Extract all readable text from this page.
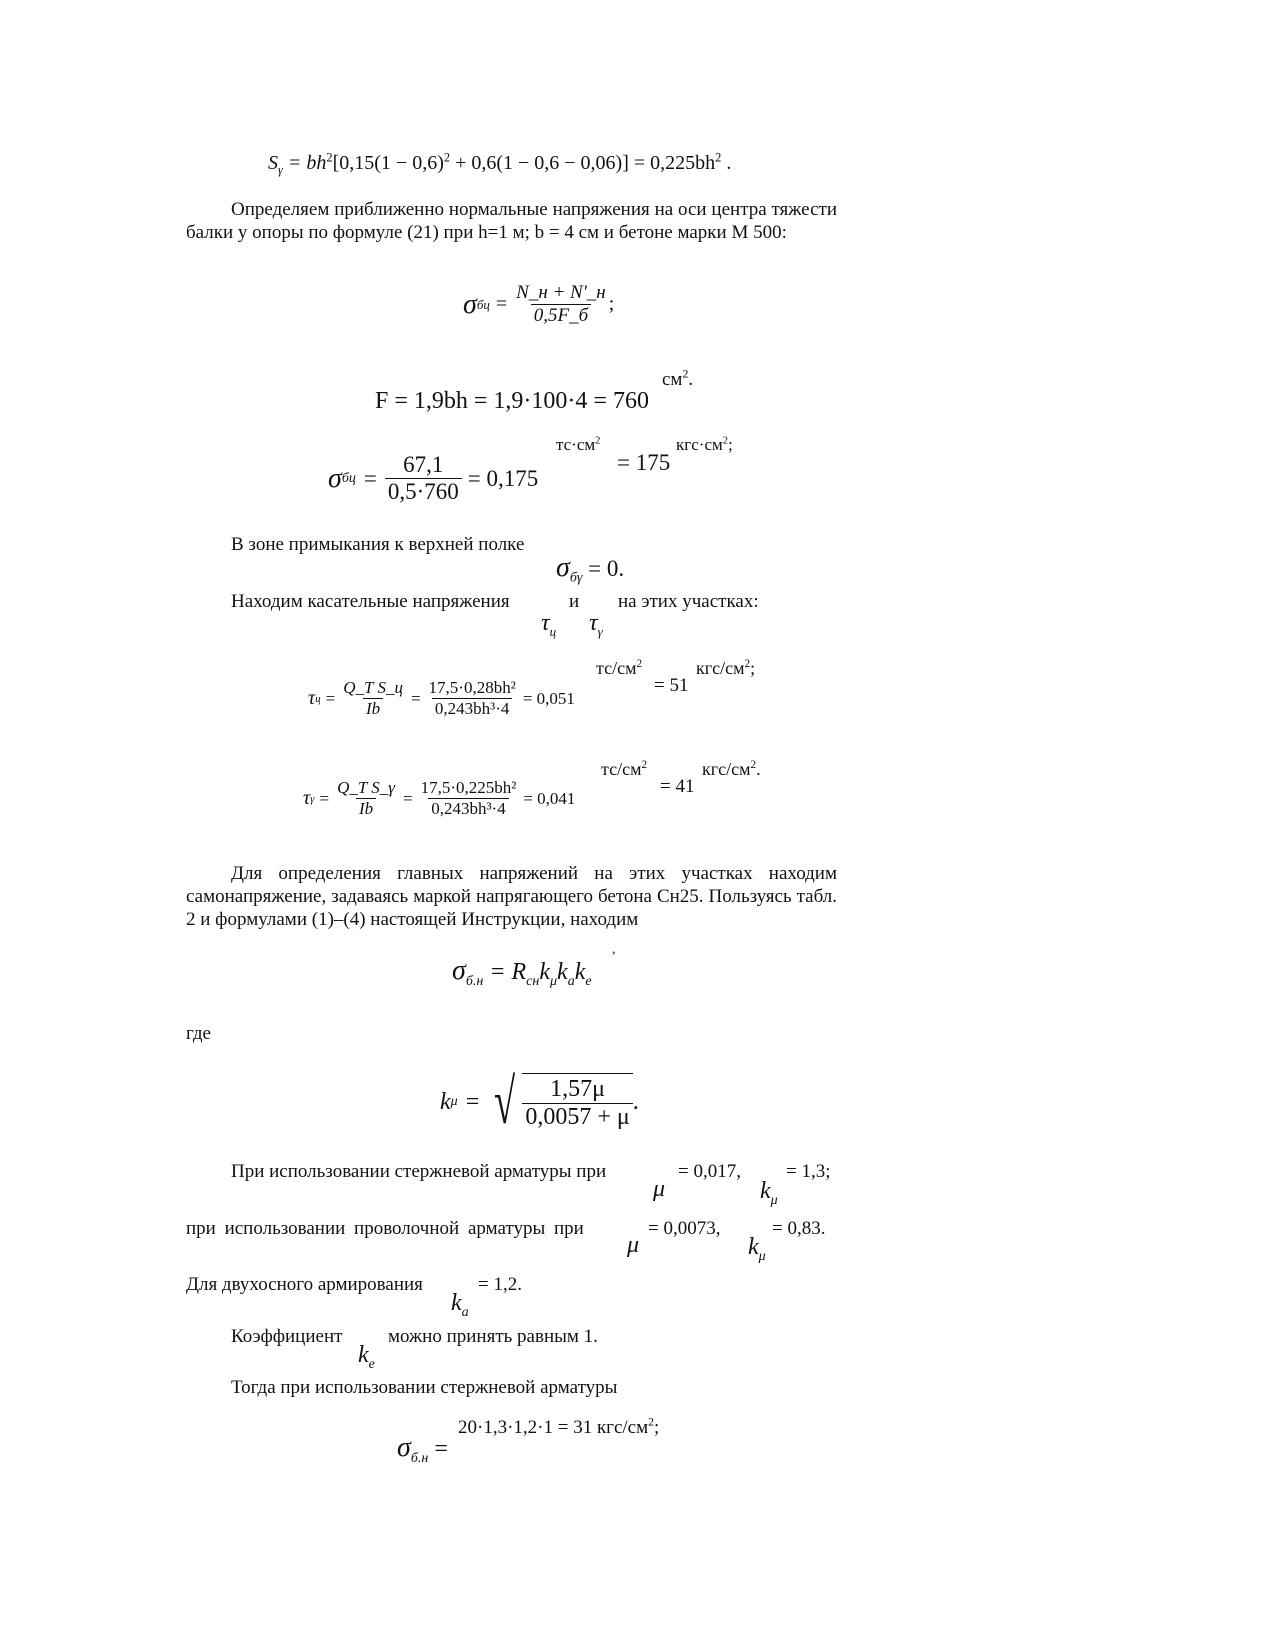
$S_\gamma = bh^2[0,15(1 - 0,6)^2 + 0,6(1 - 0,6 - 0,06)] = 0,225bh^2$ .
Определяем приближенно нормальные напряжения на оси центра тяжести балки у опоры по формуле (21) при h=1 м; b = 4 см и бетоне марки М 500:
σ бц = $\frac{N\_н + N'\_н}{0,5F\_б}$ ;
F = 1,9bh = 1,9·100·4 = 760
$см^2$.
σ бц = $\frac{67,1}{0,5\cdot 760} = 0,175$
$тс\cdot см^2$
= 175
$кгс\cdot см^2$;
В зоне примыкания к верхней полке
$\sigma_{б\gamma} = 0$.
Находим касательные напряжения	и на этих участках:
$\tau_ц$ $\tau_\gamma$
τ $ц = \frac{\text{Q\_T S\_ц}}{Ib} = \frac{\text{17,5·0,28bh²}}{\text{0,243bh³·4}} = 0,051$
$тс/см^2$
= 51
кгс/$см^2$;
τ $\gamma = \frac{\text{Q\_T S\_γ}}{Ib} = \frac{\text{17,5·0,225bh²}}{\text{0,243bh³·4}} = 0,041$
$тс/см^2$
= 41
кгс/$см^2$.
Для определения главных напряжений на этих участках находим самонапряжение, задаваясь маркой напрягающего бетона Сн25. Пользуясь табл. 2 и формулами (1)–(4) настоящей Инструкции, находим
$\sigma_{б.н} = R_{сн}k_\mu k_ak_e$
,
где
k μ = √ $\frac{1,57\mu}{0,0057 + \mu}$ .
При использовании стержневой арматуры при
μ
= 0,017,
$k_\mu$
= 1,3;
при использовании проволочной арматуры при
μ
= 0,0073,
$k_\mu$
= 0,83.
Для двухосного армирования
$k_a$
= 1,2.
Коэффициент
$k_e$
можно принять равным 1.
Тогда при использовании стержневой арматуры
$\sigma_{б.н}$ =
20·1,3·1,2·1 = 31 кгс/$см^2$;
